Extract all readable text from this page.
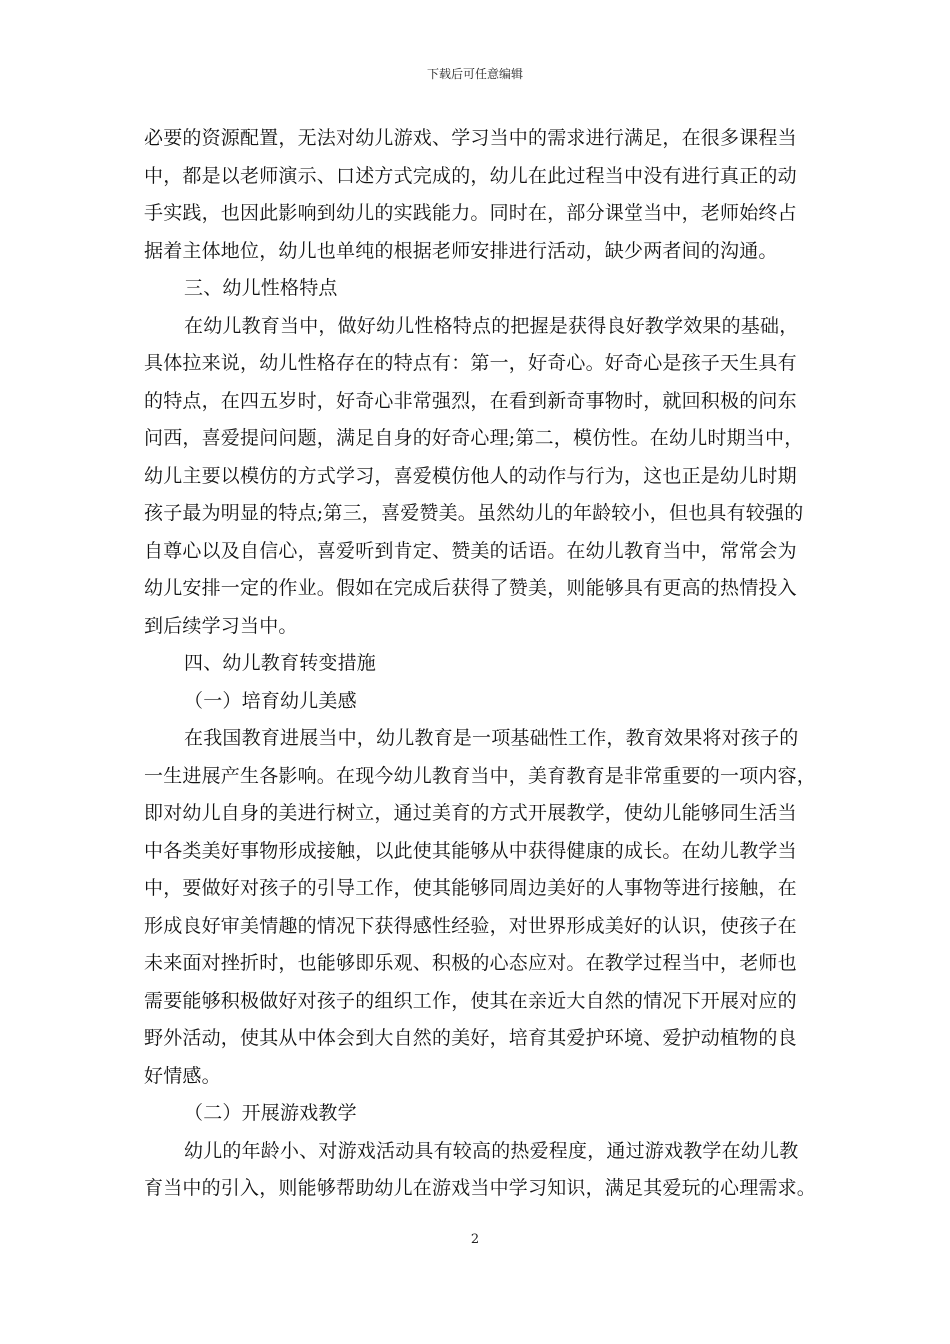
下载后可任意编辑

必要的资源配置，无法对幼儿游戏、学习当中的需求进行满足，在很多课程当
中，都是以老师演示、口述方式完成的，幼儿在此过程当中没有进行真正的动
手实践，也因此影响到幼儿的实践能力。同时在，部分课堂当中，老师始终占
据着主体地位，幼儿也单纯的根据老师安排进行活动，缺少两者间的沟通。

三、幼儿性格特点

在幼儿教育当中，做好幼儿性格特点的把握是获得良好教学效果的基础，
具体拉来说，幼儿性格存在的特点有：第一，好奇心。好奇心是孩子天生具有
的特点，在四五岁时，好奇心非常强烈，在看到新奇事物时，就回积极的问东
问西，喜爱提问问题，满足自身的好奇心理;第二，模仿性。在幼儿时期当中，
幼儿主要以模仿的方式学习，喜爱模仿他人的动作与行为，这也正是幼儿时期
孩子最为明显的特点;第三，喜爱赞美。虽然幼儿的年龄较小，但也具有较强的
自尊心以及自信心，喜爱听到肯定、赞美的话语。在幼儿教育当中，常常会为
幼儿安排一定的作业。假如在完成后获得了赞美，则能够具有更高的热情投入
到后续学习当中。

四、幼儿教育转变措施

（一）培育幼儿美感

在我国教育进展当中，幼儿教育是一项基础性工作，教育效果将对孩子的
一生进展产生各影响。在现今幼儿教育当中，美育教育是非常重要的一项内容，
即对幼儿自身的美进行树立，通过美育的方式开展教学，使幼儿能够同生活当
中各类美好事物形成接触，以此使其能够从中获得健康的成长。在幼儿教学当
中，要做好对孩子的引导工作，使其能够同周边美好的人事物等进行接触，在
形成良好审美情趣的情况下获得感性经验，对世界形成美好的认识，使孩子在
未来面对挫折时，也能够即乐观、积极的心态应对。在教学过程当中，老师也
需要能够积极做好对孩子的组织工作，使其在亲近大自然的情况下开展对应的
野外活动，使其从中体会到大自然的美好，培育其爱护环境、爱护动植物的良
好情感。

（二）开展游戏教学

幼儿的年龄小、对游戏活动具有较高的热爱程度，通过游戏教学在幼儿教
育当中的引入，则能够帮助幼儿在游戏当中学习知识，满足其爱玩的心理需求。

2
